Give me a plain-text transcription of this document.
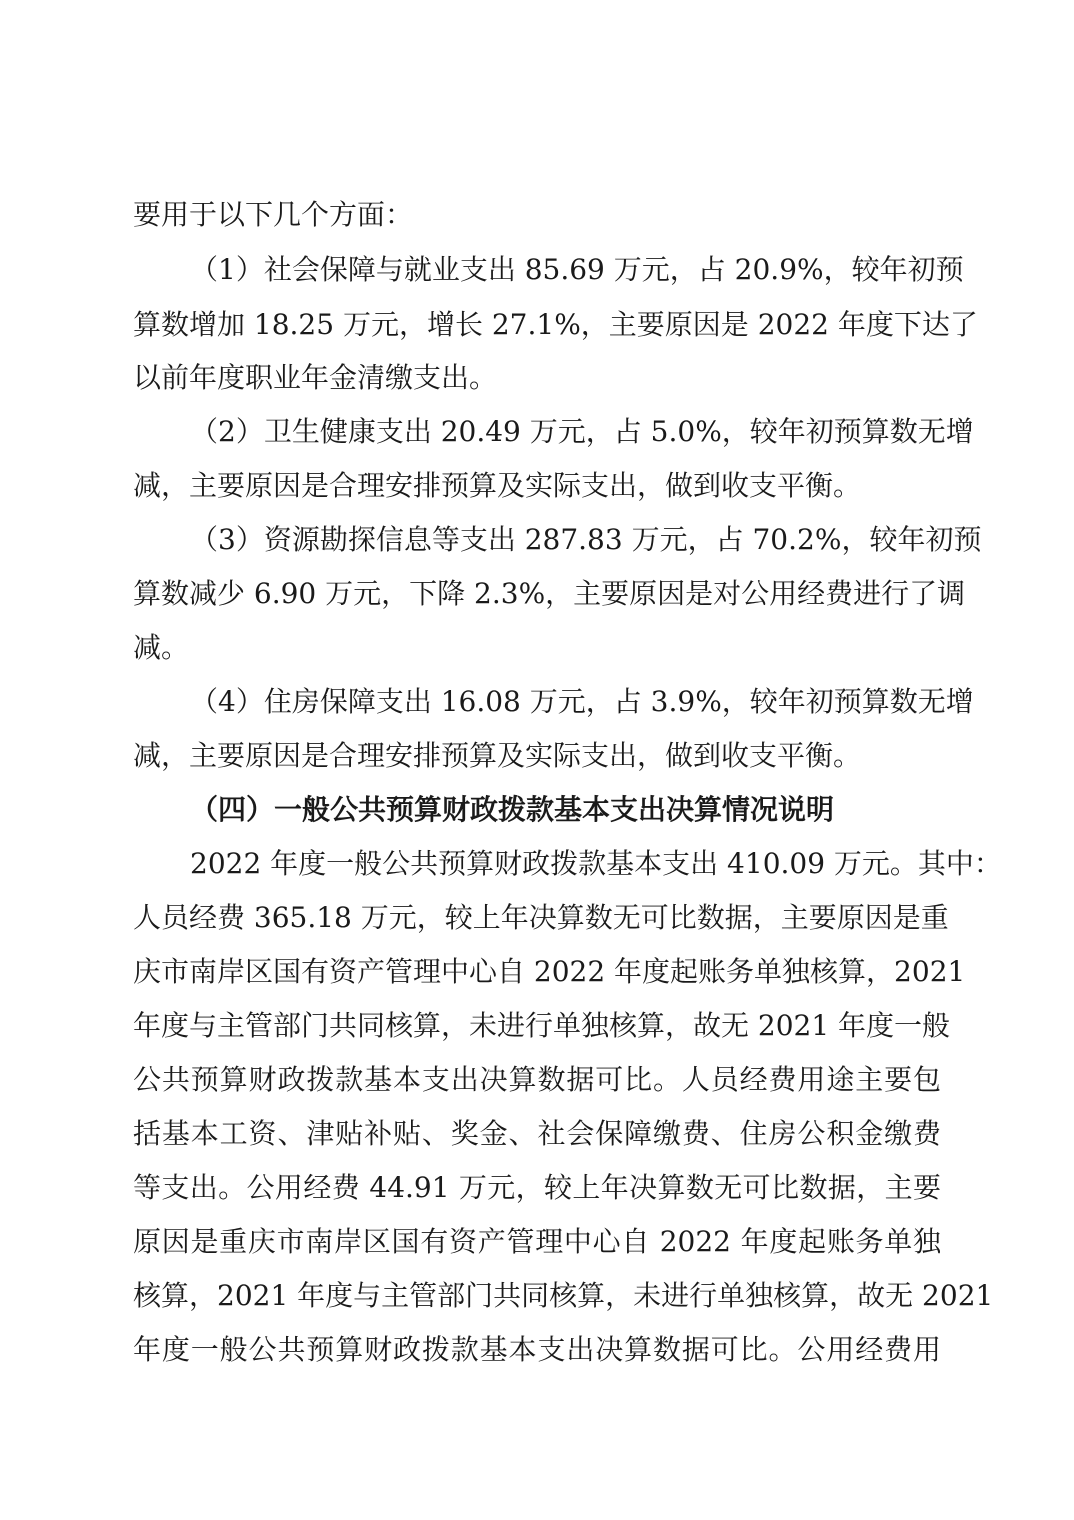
要用于以下几个方面：
（1）社会保障与就业支出 85.69 万元，占 20.9%，较年初预
算数增加 18.25 万元，增长 27.1%，主要原因是 2022 年度下达了
以前年度职业年金清缴支出。
（2）卫生健康支出 20.49 万元，占 5.0%，较年初预算数无增
减，主要原因是合理安排预算及实际支出，做到收支平衡。
（3）资源勘探信息等支出 287.83 万元，占 70.2%，较年初预
算数减少 6.90 万元，下降 2.3%，主要原因是对公用经费进行了调
减。
（4）住房保障支出 16.08 万元，占 3.9%，较年初预算数无增
减，主要原因是合理安排预算及实际支出，做到收支平衡。
（四）一般公共预算财政拨款基本支出决算情况说明
2022 年度一般公共预算财政拨款基本支出 410.09 万元。其中：
人员经费 365.18 万元，较上年决算数无可比数据，主要原因是重
庆市南岸区国有资产管理中心自 2022 年度起账务单独核算，2021
年度与主管部门共同核算，未进行单独核算，故无 2021 年度一般
公共预算财政拨款基本支出决算数据可比。人员经费用途主要包
括基本工资、津贴补贴、奖金、社会保障缴费、住房公积金缴费
等支出。公用经费 44.91 万元，较上年决算数无可比数据，主要
原因是重庆市南岸区国有资产管理中心自 2022 年度起账务单独
核算，2021 年度与主管部门共同核算，未进行单独核算，故无 2021
年度一般公共预算财政拨款基本支出决算数据可比。公用经费用
